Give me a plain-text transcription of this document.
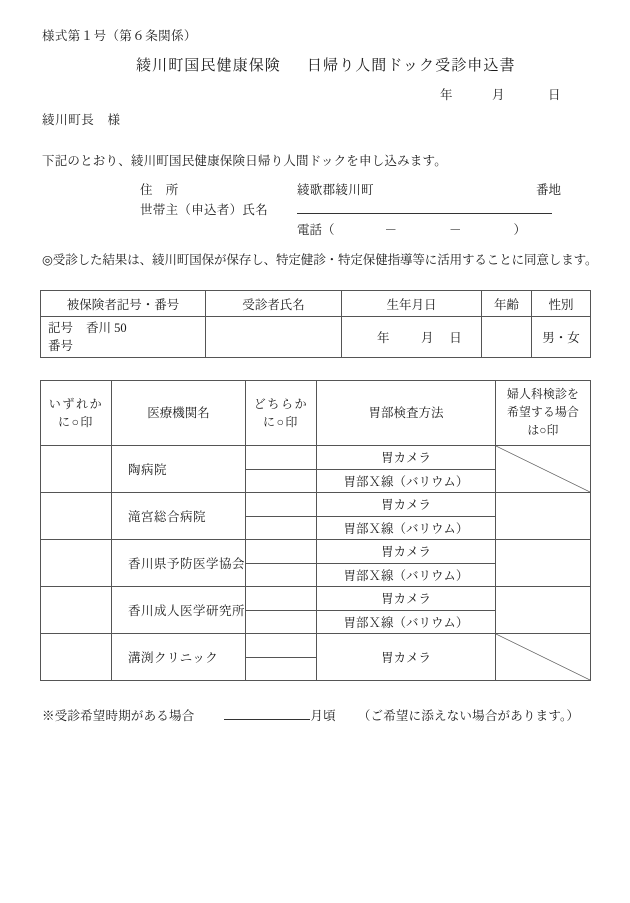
様式第１号（第６条関係）
綾川町国民健康保険 日帰り人間ドック受診申込書
年	月	日
綾川町長　様
下記のとおり、綾川町国民健康保険日帰り人間ドックを申し込みます。
住　所	綾歌郡綾川町	番地
世帯主（申込者）氏名
電話（	－	－	）
◎受診した結果は、綾川町国保が保存し、特定健診・特定保健指導等に活用することに同意します。
被保険者記号・番号	受診者氏名	生年月日	年齢	性別

記号 香川 50
番号		年 月 日		男・女
いずれか
に○印	医療機関名	どちらか
に○印	胃部検査方法	婦人科検診を
希望する場合
は○印
	陶病院		胃カメラ	

			胃部Ｘ線（バリウム）	
	滝宮総合病院		胃カメラ	
			胃部Ｘ線（バリウム）	
	香川県予防医学協会		胃カメラ	
			胃部Ｘ線（バリウム）	
	香川成人医学研究所		胃カメラ	
			胃部Ｘ線（バリウム）	
	溝渕クリニック		胃カメラ	

※受診希望時期がある場合	月頃 （ご希望に添えない場合があります。）
